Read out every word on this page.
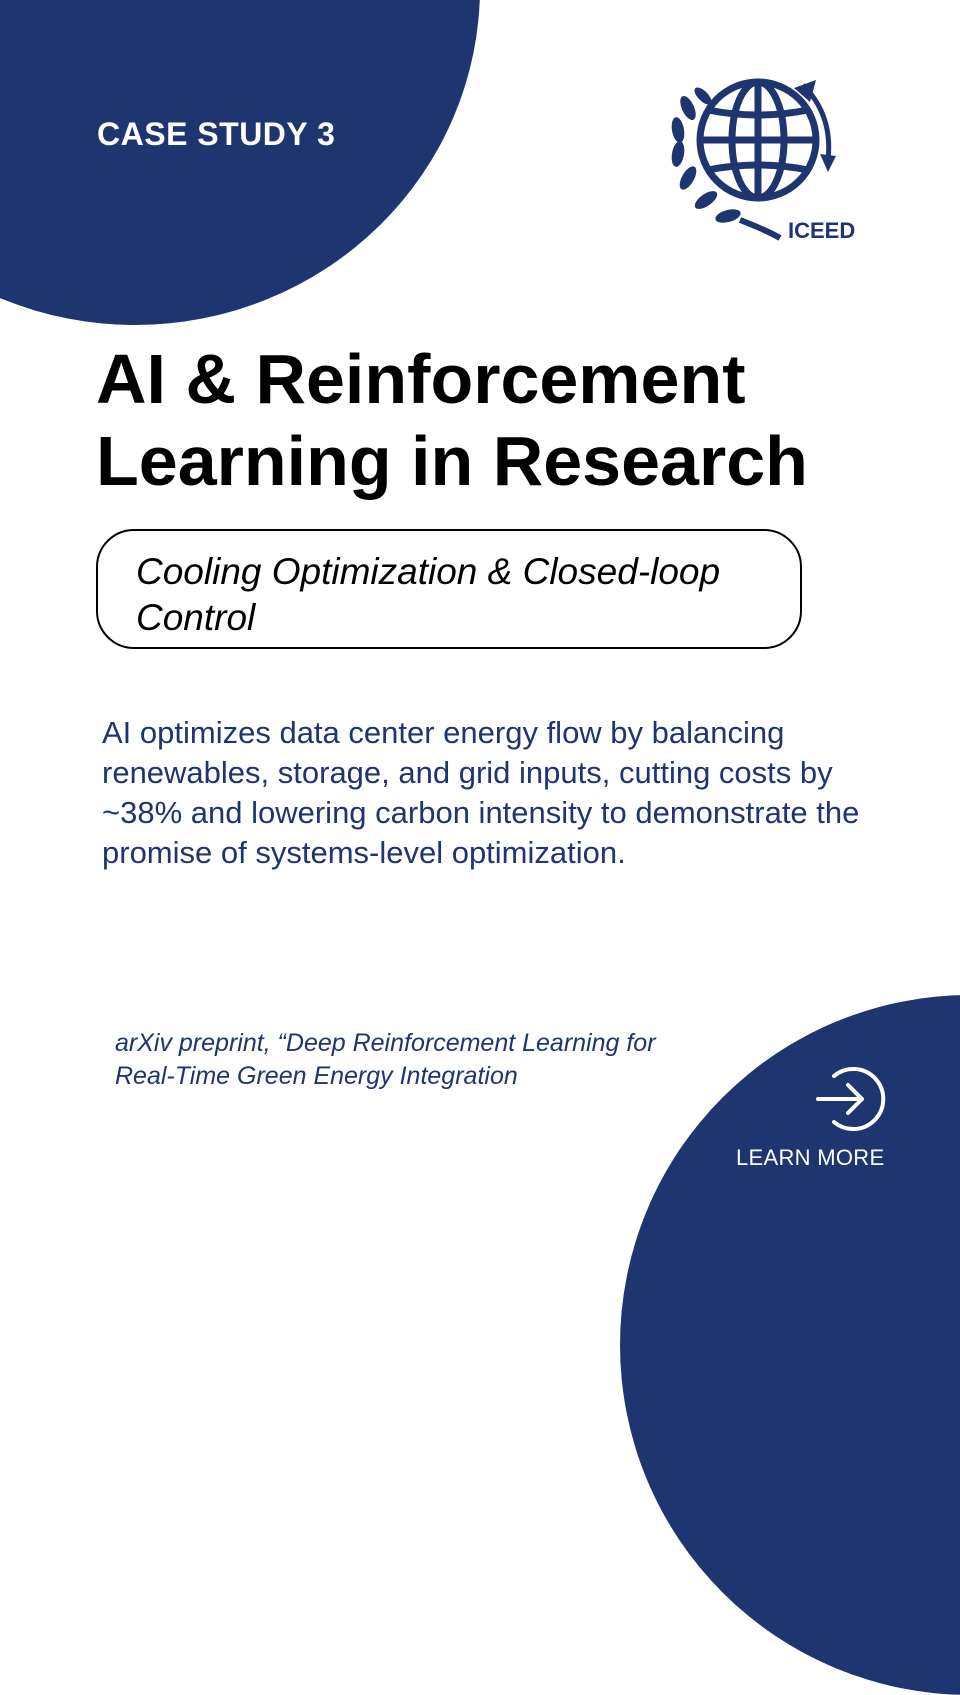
CASE STUDY 3
ICEED
AI & Reinforcement Learning in Research
Cooling Optimization & Closed-loop Control

AI optimizes data center energy flow by balancing renewables, storage, and grid inputs, cutting costs by ~38% and lowering carbon intensity to demonstrate the promise of systems-level optimization.

arXiv preprint, “Deep Reinforcement Learning for Real-Time Green Energy Integration

LEARN MORE
